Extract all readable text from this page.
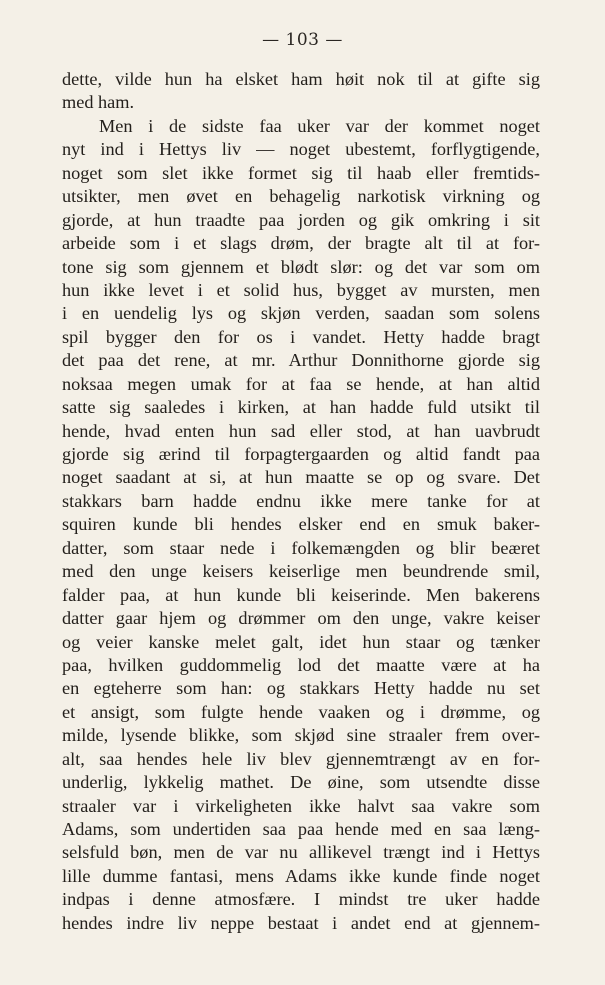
— 103 —
dette, vilde hun ha elsket ham høit nok til at gifte sig
med ham.
Men i de sidste faa uker var der kommet noget
nyt ind i Hettys liv — noget ubestemt, forflygtigende,
noget som slet ikke formet sig til haab eller fremtids-
utsikter, men øvet en behagelig narkotisk virkning og
gjorde, at hun traadte paa jorden og gik omkring i sit
arbeide som i et slags drøm, der bragte alt til at for-
tone sig som gjennem et blødt slør: og det var som om
hun ikke levet i et solid hus, bygget av mursten, men
i en uendelig lys og skjøn verden, saadan som solens
spil bygger den for os i vandet. Hetty hadde bragt
det paa det rene, at mr. Arthur Donnithorne gjorde sig
noksaa megen umak for at faa se hende, at han altid
satte sig saaledes i kirken, at han hadde fuld utsikt til
hende, hvad enten hun sad eller stod, at han uavbrudt
gjorde sig ærind til forpagtergaarden og altid fandt paa
noget saadant at si, at hun maatte se op og svare. Det
stakkars barn hadde endnu ikke mere tanke for at
squiren kunde bli hendes elsker end en smuk baker-
datter, som staar nede i folkemængden og blir beæret
med den unge keisers keiserlige men beundrende smil,
falder paa, at hun kunde bli keiserinde. Men bakerens
datter gaar hjem og drømmer om den unge, vakre keiser
og veier kanske melet galt, idet hun staar og tænker
paa, hvilken guddommelig lod det maatte være at ha
en egteherre som han: og stakkars Hetty hadde nu set
et ansigt, som fulgte hende vaaken og i drømme, og
milde, lysende blikke, som skjød sine straaler frem over-
alt, saa hendes hele liv blev gjennemtrængt av en for-
underlig, lykkelig mathet. De øine, som utsendte disse
straaler var i virkeligheten ikke halvt saa vakre som
Adams, som undertiden saa paa hende med en saa læng-
selsfuld bøn, men de var nu allikevel trængt ind i Hettys
lille dumme fantasi, mens Adams ikke kunde finde noget
indpas i denne atmosfære. I mindst tre uker hadde
hendes indre liv neppe bestaat i andet end at gjennem-
